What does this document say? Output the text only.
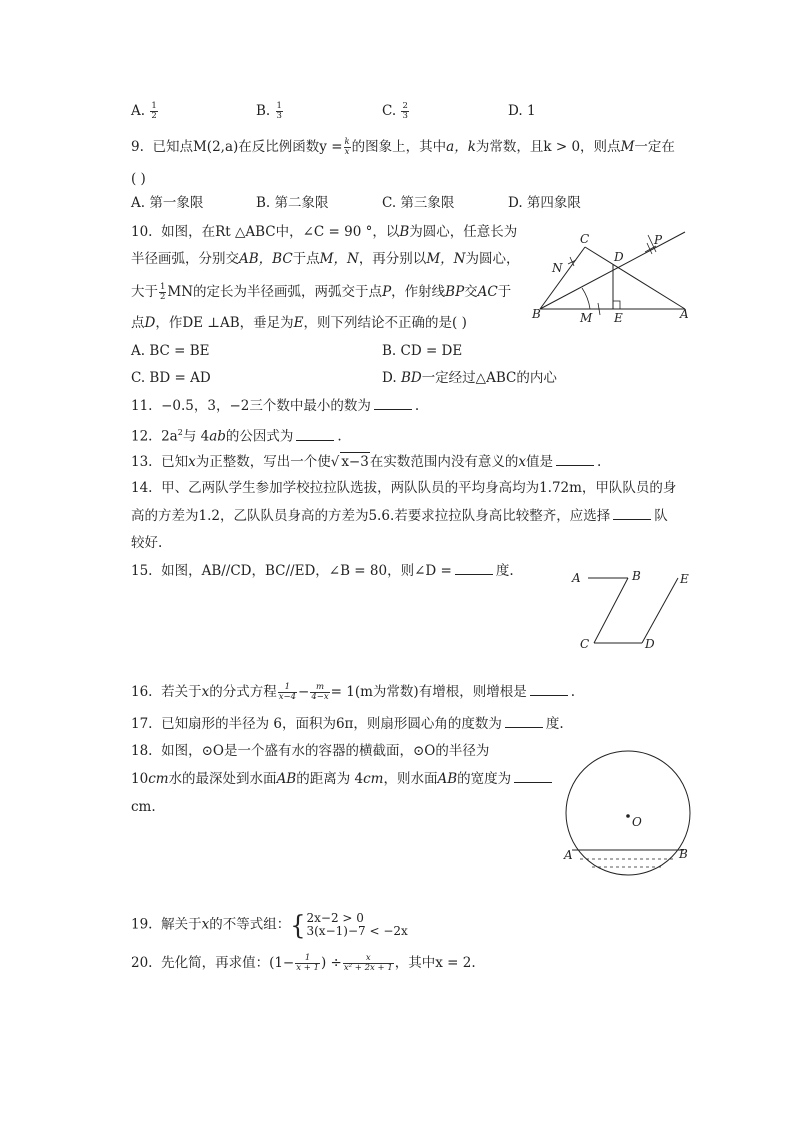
A. $\frac{1}{2}$	B. $\frac{1}{3}$	C. $\frac{2}{3}$	D. 1
9. 已知点M(2,a)在反比例函数$y = \frac{k}{x}$ 的图象上，其中a，k为常数，且k > 0，则点M一定在
( )
A. 第一象限	B. 第二象限	C. 第三象限	D. 第四象限
10. 如图，在Rt △ABC中，∠C = 90 °，以B为圆心，任意长为
半径画弧，分别交AB，BC于点M，N，再分别以M，N为圆心，
大于 $\frac{1}{2}$ MN的定长为半径画弧，两弧交于点P，作射线BP交AC于
点D，作DE ⊥AB，垂足为E，则下列结论不正确的是( )
A. BC = BE	B. CD = DE
C. BD = AD	D. BD一定经过△ABC的内心
C
D
P
N
B	M E	A
11. −0.5，3，−2三个数中最小的数为	.
12. $2a^2$与 4ab的公因式为	.
13. 已知x为正整数，写出一个使√ x−3在实数范围内没有意义的x值是	.
14. 甲、乙两队学生参加学校拉拉队选拔，两队队员的平均身高均为1.72m，甲队队员的身
高的方差为1.2，乙队队员身高的方差为5.6.若要求拉拉队身高比较整齐，应选择	队
较好.
15. 如图，AB//CD，BC//ED，∠B = 80，则∠D =	度.	A	B	E
C	D
16. 若关于x的分式方程 $\frac{1}{x-4} - \frac{m}{4-x} = 1(m$为常数)有增根，则增根是	.
17. 已知扇形的半径为 6，面积为6π，则扇形圆心角的度数为	度.
18. 如图，⊙O是一个盛有水的容器的横截面，⊙O的半径为
10cm水的最深处到水面AB的距离为 4cm，则水面AB的宽度为
cm.
O
A	B
19. 解关于x的不等式组：{ 2x−2 > 0
3(x−1)−7 < −2x
20. 先化简，再求值：($1- \frac{1}{x + 1}$ ) ÷ $\frac{x}{\text{x² + 2x + 1}}$ ，其中x = 2.
